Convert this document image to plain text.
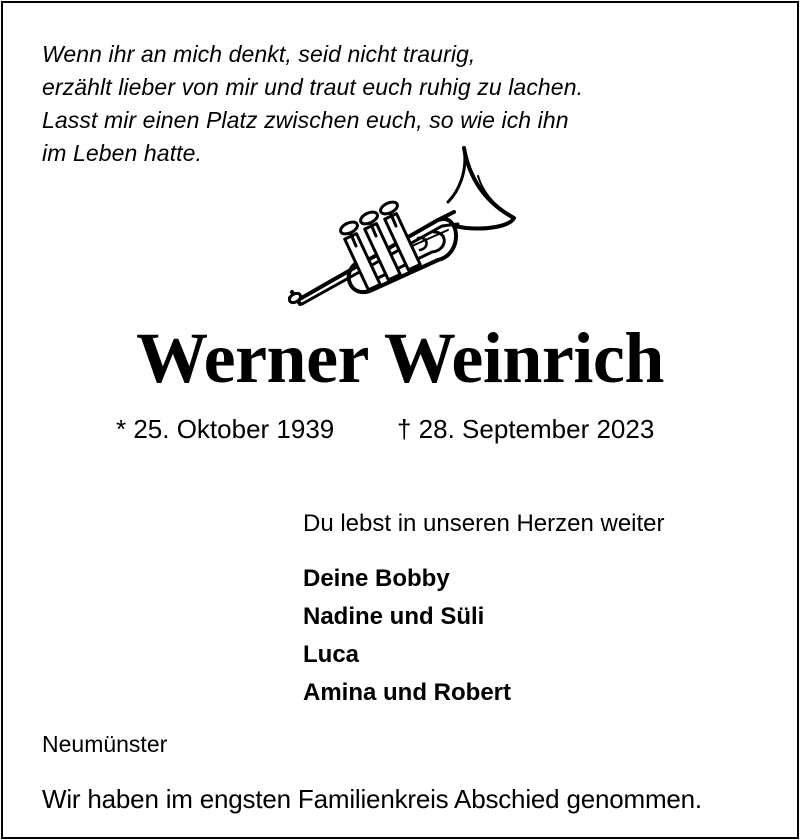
Wenn ihr an mich denkt, seid nicht traurig,
erzählt lieber von mir und traut euch ruhig zu lachen.
Lasst mir einen Platz zwischen euch, so wie ich ihn
im Leben hatte.
Werner Weinrich
* 25. Oktober 1939 † 28. September 2023
Du lebst in unseren Herzen weiter
Deine Bobby
Nadine und Süli
Luca
Amina und Robert
Neumünster
Wir haben im engsten Familienkreis Abschied genommen.
